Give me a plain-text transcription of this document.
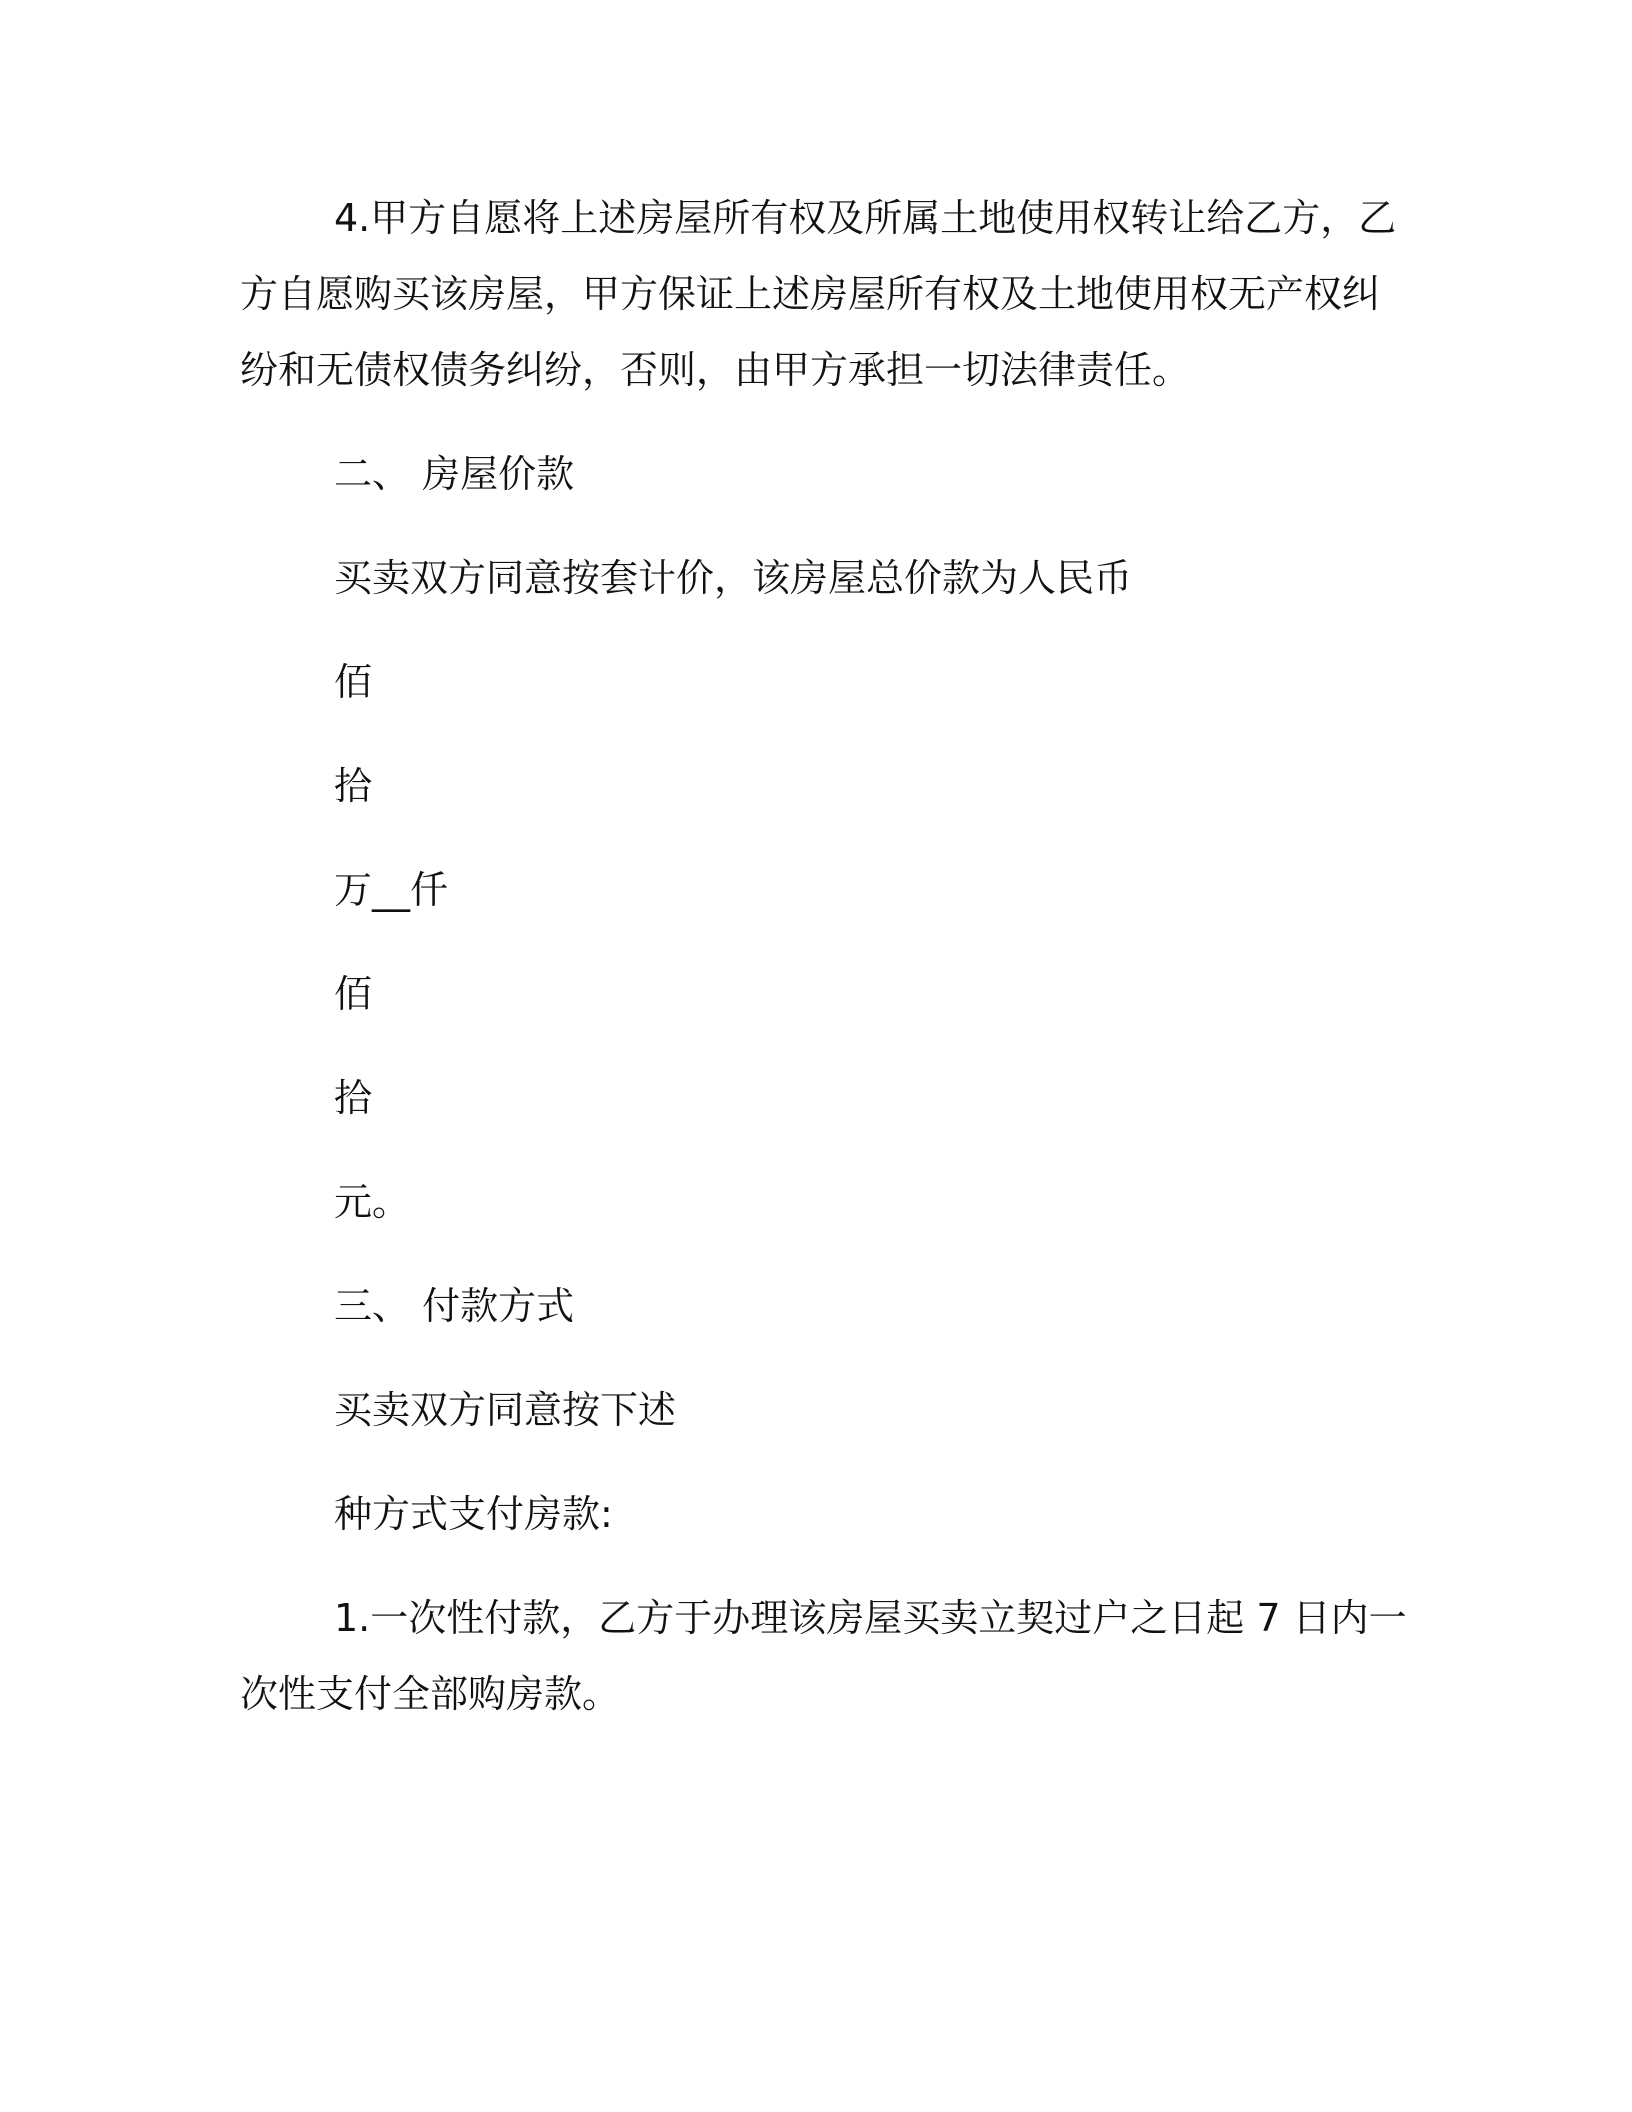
4.甲方自愿将上述房屋所有权及所属土地使用权转让给乙方，乙
方自愿购买该房屋，甲方保证上述房屋所有权及土地使用权无产权纠
纷和无债权债务纠纷，否则，由甲方承担一切法律责任。
二、 房屋价款
买卖双方同意按套计价，该房屋总价款为人民币
佰
拾
万__仟
佰
拾
元。
三、 付款方式
买卖双方同意按下述
种方式支付房款:
1.一次性付款，乙方于办理该房屋买卖立契过户之日起 7 日内一
次性支付全部购房款。
